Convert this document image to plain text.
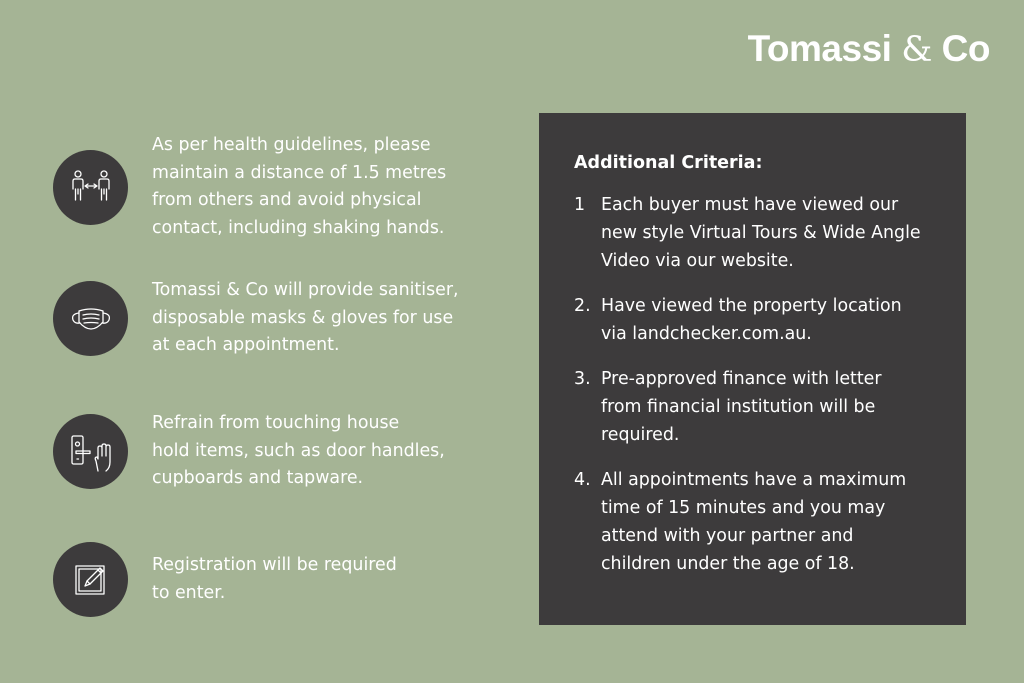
Tomassi & Co
As per health guidelines, please
maintain a distance of 1.5 metres
from others and avoid physical
contact, including shaking hands.
Tomassi & Co will provide sanitiser,
disposable masks & gloves for use
at each appointment.
Refrain from touching house
hold items, such as door handles,
cupboards and tapware.
Registration will be required
to enter.
Additional Criteria:
1 Each buyer must have viewed our
new style Virtual Tours & Wide Angle
Video via our website.
2. Have viewed the property location
via landchecker.com.au.
3. Pre-approved finance with letter
from financial institution will be
required.
4. All appointments have a maximum
time of 15 minutes and you may
attend with your partner and
children under the age of 18.
